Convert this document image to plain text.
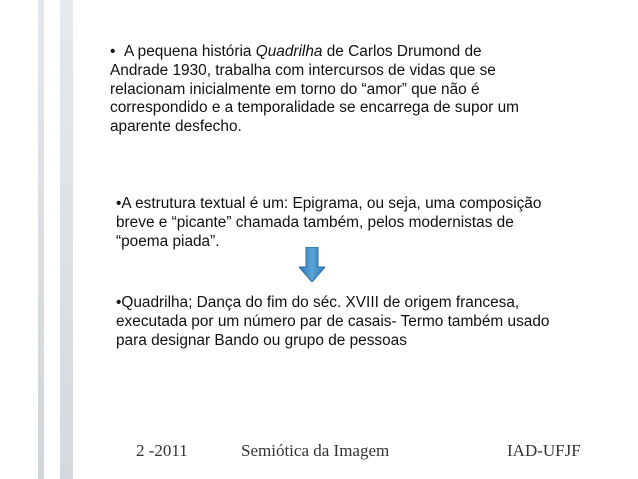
• A pequena história Quadrilha de Carlos Drumond de Andrade 1930, trabalha com intercursos de vidas que se relacionam inicialmente em torno do “amor” que não é correspondido e a temporalidade se encarrega de supor um aparente desfecho.
•A estrutura textual é um: Epigrama, ou seja, uma composição
breve e “picante” chamada também, pelos modernistas de
“poema piada”.
•Quadrilha; Dança do fim do séc. XVIII de origem francesa,
executada por um número par de casais- Termo também usado
para designar Bando ou grupo de pessoas
2 -2011	Semiótica da Imagem	IAD-UFJF
